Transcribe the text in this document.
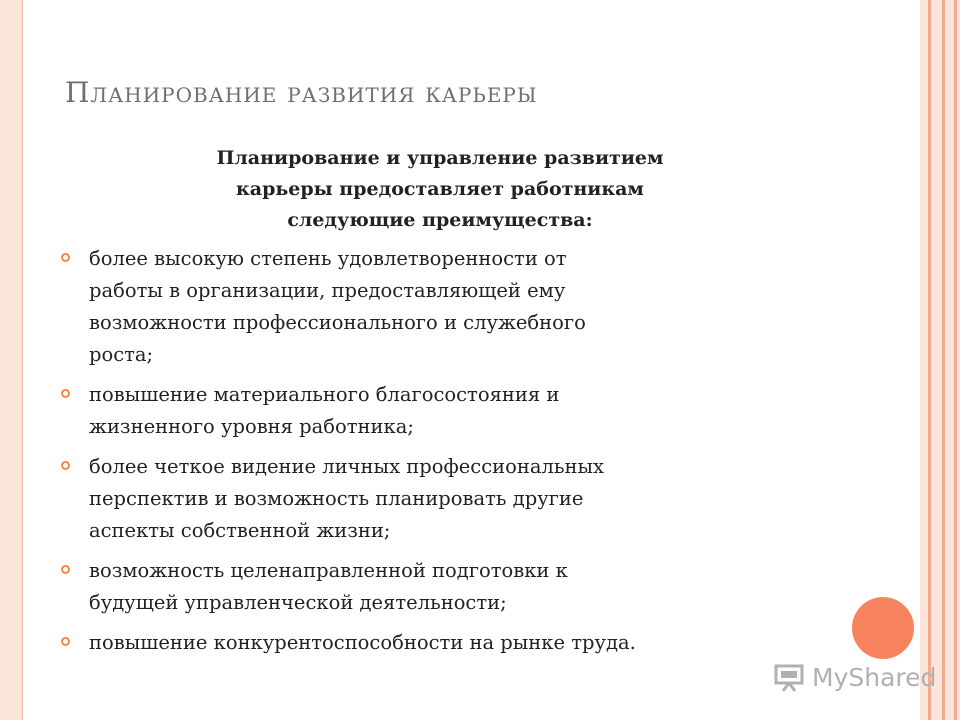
Планирование развития карьеры
Планирование и управление развитием
карьеры предоставляет работникам
следующие преимущества:
более высокую степень удовлетворенности от
работы в организации, предоставляющей ему
возможности профессионального и служебного
роста;
повышение материального благосостояния и
жизненного уровня работника;
более четкое видение личных профессиональных
перспектив и возможность планировать другие
аспекты собственной жизни;
возможность целенаправленной подготовки к
будущей управленческой деятельности;
повышение конкурентоспособности на рынке труда.
MyShared
